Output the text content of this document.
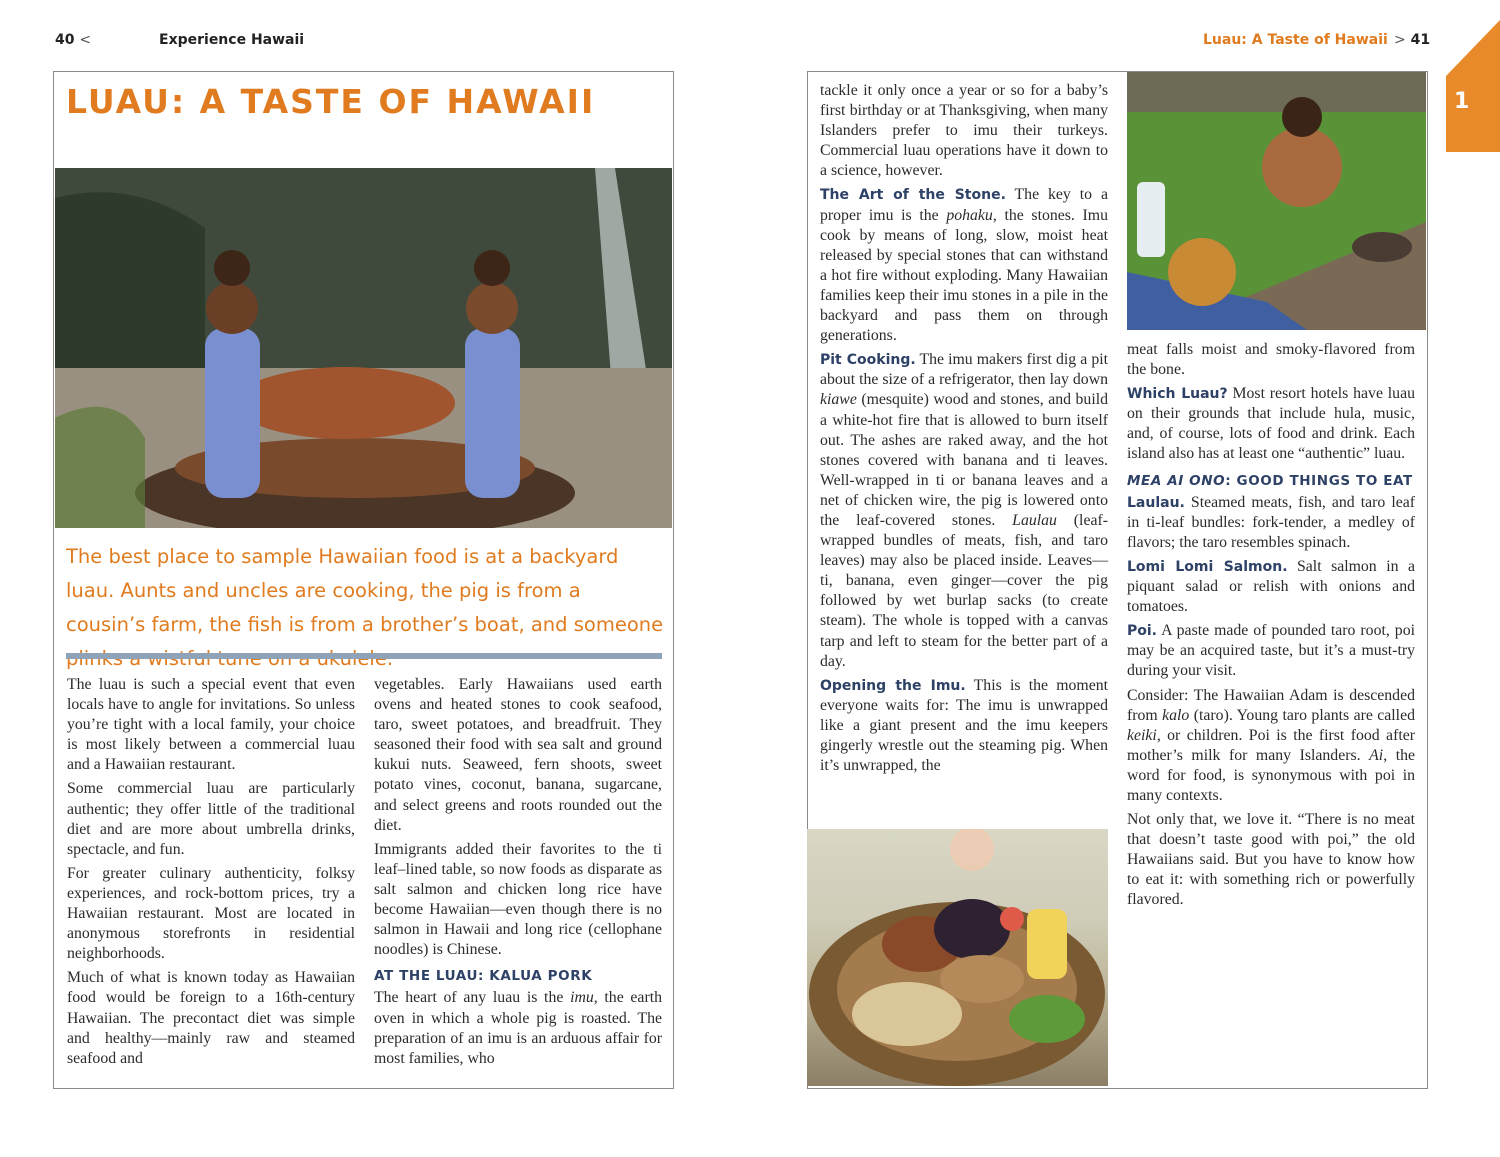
40 <	Experience Hawaii	Luau: A Taste of Hawaii > 41
1
LUAU: A TASTE OF HAWAII
The best place to sample Hawaiian food is at a backyard luau. Aunts and uncles are cooking, the pig is from a cousin’s farm, the fish is from a brother’s boat, and someone

The luau is such a special event that even locals have to angle for invitations. So unless you’re tight with a local family, your choice is most likely between a commercial luau and a Hawaiian restaurant.

Some commercial luau are particularly authentic; they offer little of the traditional diet and are more about umbrella drinks, spectacle, and fun.

For greater culinary authenticity, folksy experiences, and rock-bottom prices, try a Hawaiian restaurant. Most are located in anonymous storefronts in residential neighborhoods.

Much of what is known today as Hawaiian food would be foreign to a 16th-century Hawaiian. The precontact diet was simple and healthy—mainly raw and steamed seafood and

vegetables. Early Hawaiians used earth ovens and heated stones to cook seafood, taro, sweet potatoes, and breadfruit. They seasoned their food with sea salt and ground kukui nuts. Seaweed, fern shoots, sweet potato vines, coconut, banana, sugarcane, and select greens and roots rounded out the diet.

Immigrants added their favorites to the ti leaf–lined table, so now foods as disparate as salt salmon and chicken long rice have become Hawaiian—even though there is no salmon in Hawaii and long rice (cellophane noodles) is Chinese.

AT THE LUAU: KALUA PORK

The heart of any luau is the imu, the earth oven in which a whole pig is roasted. The preparation of an imu is an arduous affair for most families, who

tackle it only once a year or so for a baby’s first birthday or at Thanksgiving, when many Islanders prefer to imu their turkeys. Commercial luau operations have it down to a science, however.

The Art of the Stone. The key to a proper imu is the pohaku, the stones. Imu cook by means of long, slow, moist heat released by special stones that can withstand a hot fire without exploding. Many Hawaiian families keep their imu stones in a pile in the backyard and pass them on through generations.

Pit Cooking. The imu makers first dig a pit about the size of a refrigerator, then lay down kiawe (mesquite) wood and stones, and build a white-hot fire that is allowed to burn itself out. The ashes are raked away, and the hot stones covered with banana and ti leaves. Well-wrapped in ti or banana leaves and a net of chicken wire, the pig is lowered onto the leaf-covered stones. Laulau (leaf-wrapped bundles of meats, fish, and taro leaves) may also be placed inside. Leaves—ti, banana, even ginger—cover the pig followed by wet burlap sacks (to create steam). The whole is topped with a canvas tarp and left to steam for the better part of a day.

Opening the Imu. This is the moment everyone waits for: The imu is unwrapped like a giant present and the imu keepers gingerly wrestle out the steaming pig. When it’s unwrapped, the

meat falls moist and smoky-flavored from the bone.

Which Luau? Most resort hotels have luau on their grounds that include hula, music, and, of course, lots of food and drink. Each island also has at least one “authentic” luau.

MEA AI ONO: GOOD THINGS TO EAT

Laulau. Steamed meats, fish, and taro leaf in ti-leaf bundles: fork-tender, a medley of flavors; the taro resembles spinach.

Lomi Lomi Salmon. Salt salmon in a piquant salad or relish with onions and tomatoes.

Poi. A paste made of pounded taro root, poi may be an acquired taste, but it’s a must-try during your visit.

Consider: The Hawaiian Adam is descended from kalo (taro). Young taro plants are called keiki, or children. Poi is the first food after mother’s milk for many Islanders. Ai, the word for food, is synonymous with poi in many contexts.

Not only that, we love it. “There is no meat that doesn’t taste good with poi,” the old Hawaiians said. But you have to know how to eat it: with something rich or powerfully flavored.
